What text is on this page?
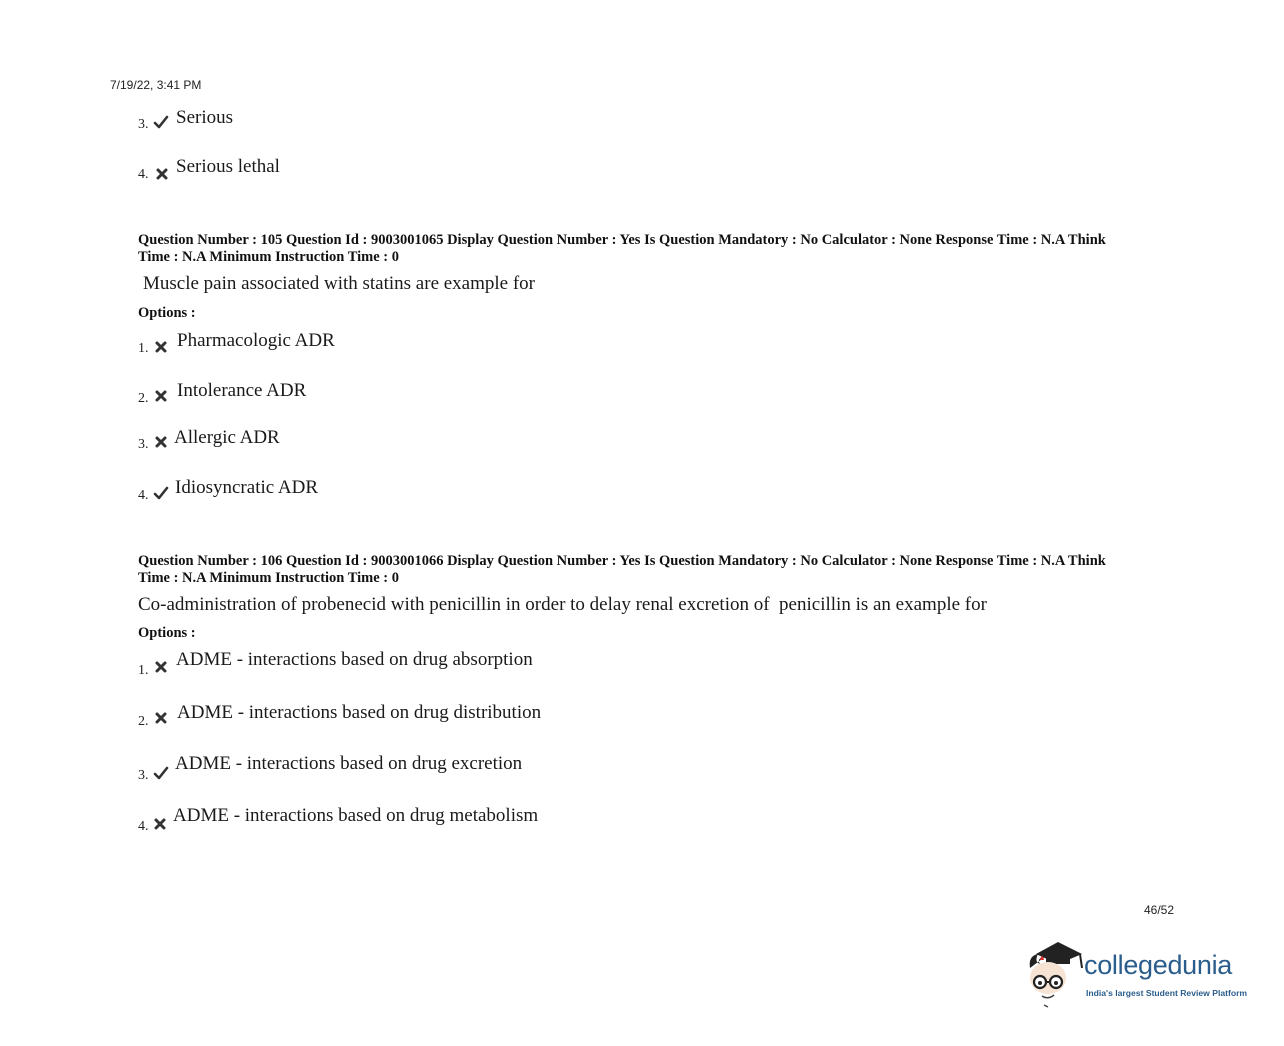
7/19/22, 3:41 PM
3. Serious
4. Serious lethal
Question Number : 105 Question Id : 9003001065 Display Question Number : Yes Is Question Mandatory : No Calculator : None Response Time : N.A Think
Time : N.A Minimum Instruction Time : 0
Muscle pain associated with statins are example for
Options :
1. Pharmacologic ADR
2. Intolerance ADR
3. Allergic ADR
4. Idiosyncratic ADR
Question Number : 106 Question Id : 9003001066 Display Question Number : Yes Is Question Mandatory : No Calculator : None Response Time : N.A Think
Time : N.A Minimum Instruction Time : 0
Co-administration of probenecid with penicillin in order to delay renal excretion of  penicillin is an example for
Options :
1.
ADME - interactions based on drug absorption
2. ADME - interactions based on drug distribution
3.
ADME - interactions based on drug excretion
4.
ADME - interactions based on drug metabolism
46/52
collegedunia
India's largest Student Review Platform
